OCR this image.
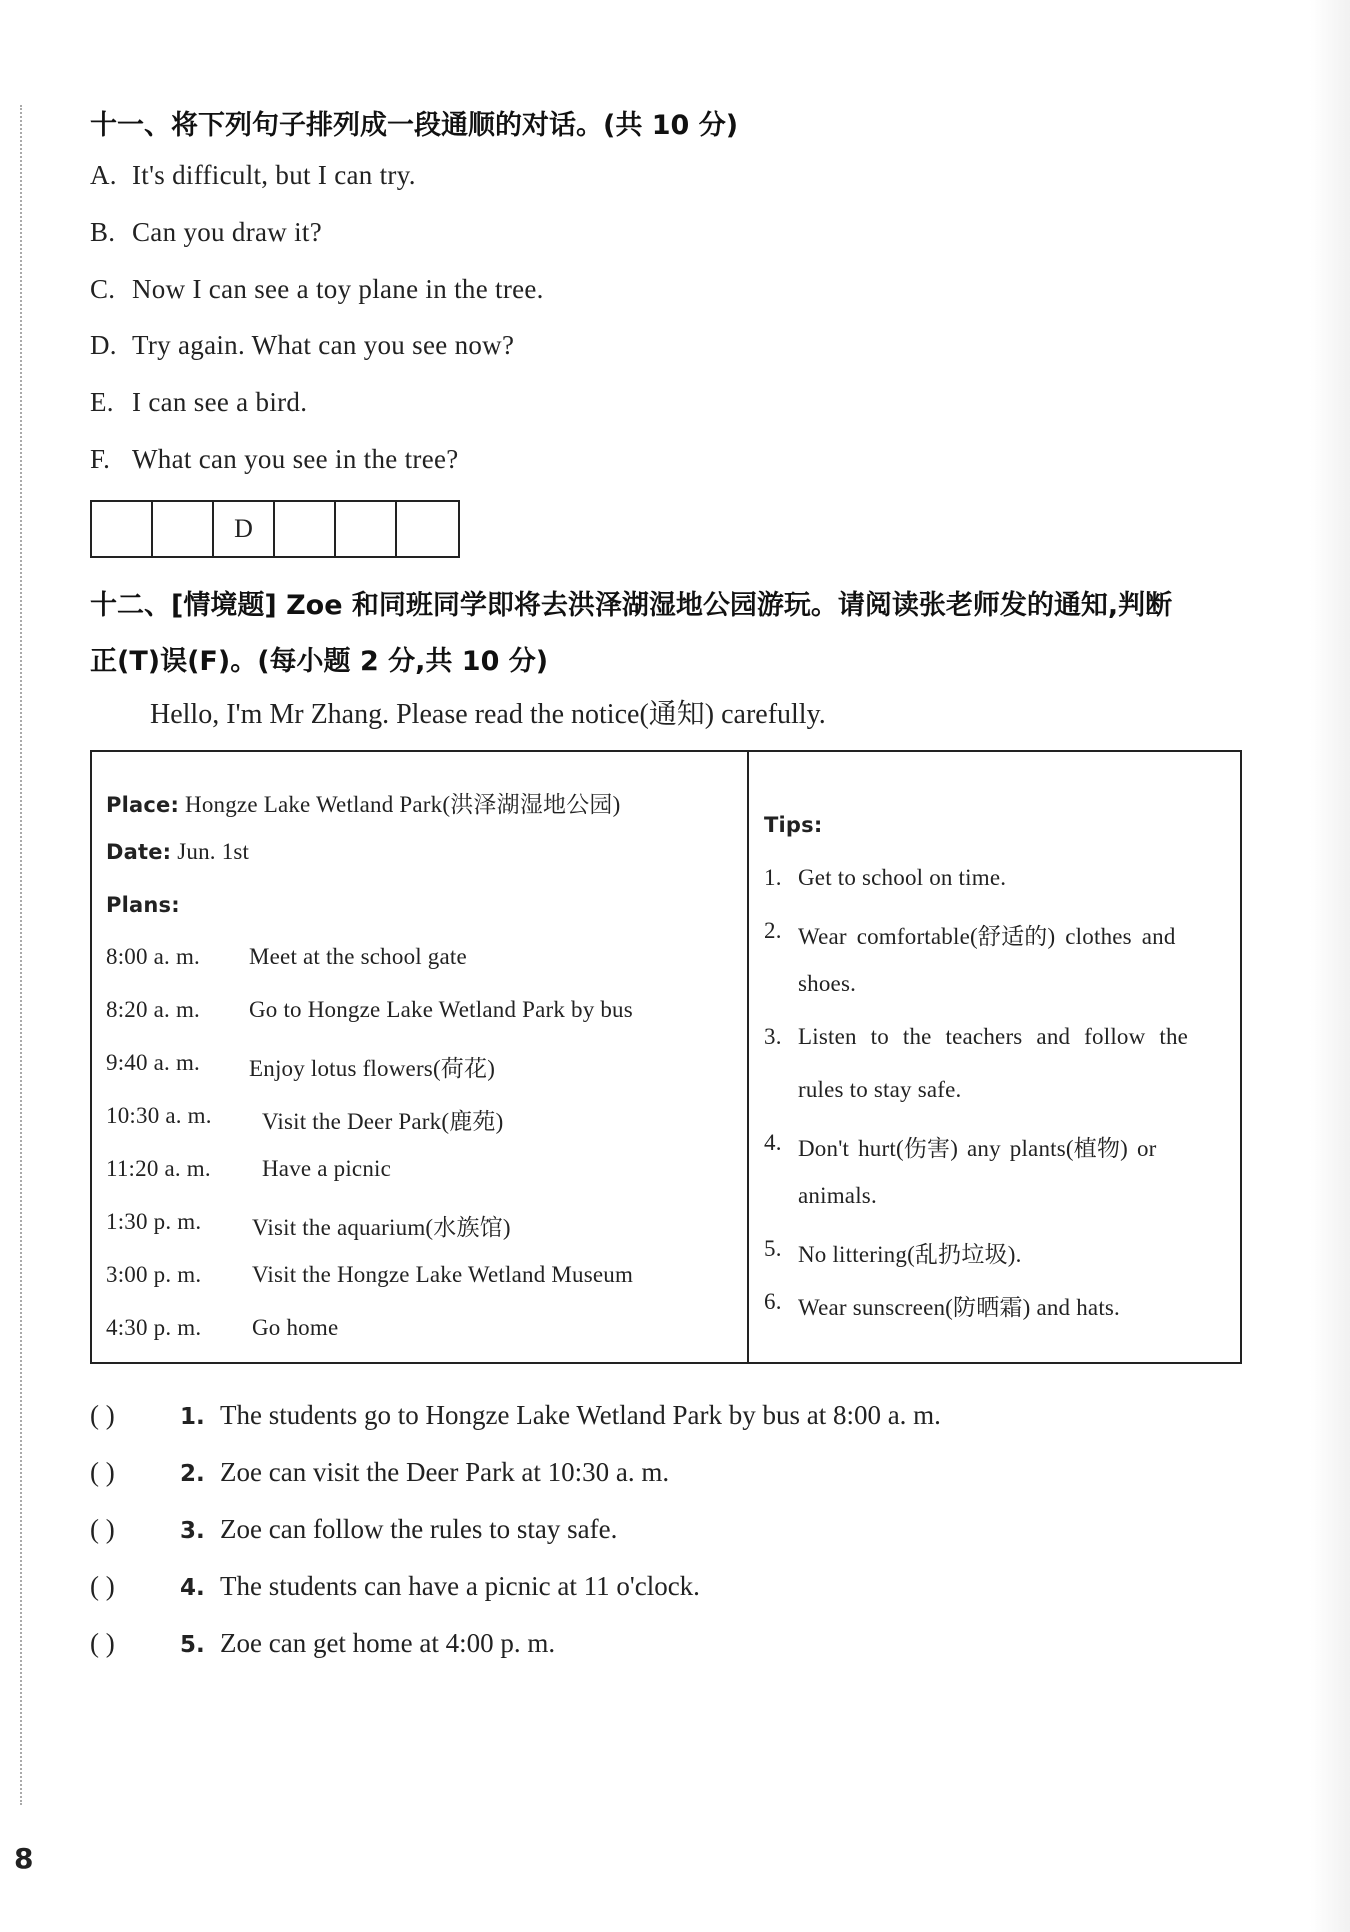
十一、将下列句子排列成一段通顺的对话。(共 10 分)
A. It's difficult, but I can try.
B. Can you draw it?
C. Now I can see a toy plane in the tree.
D. Try again. What can you see now?
E. I can see a bird.
F. What can you see in the tree?
D
十二、[情境题] Zoe 和同班同学即将去洪泽湖湿地公园游玩。请阅读张老师发的通知,判断
正(T)误(F)。(每小题 2 分,共 10 分)
Hello, I'm Mr Zhang. Please read the notice(通知) carefully.
Place: Hongze Lake Wetland Park(洪泽湖湿地公园)
Date: Jun. 1st
Plans:
8:00 a. m. Meet at the school gate
8:20 a. m. Go to Hongze Lake Wetland Park by bus
9:40 a. m. Enjoy lotus flowers(荷花)
10:30 a. m. Visit the Deer Park(鹿苑)
11:20 a. m. Have a picnic
1:30 p. m. Visit the aquarium(水族馆)
3:00 p. m. Visit the Hongze Lake Wetland Museum
4:30 p. m. Go home
Tips:
1. Get to school on time.
2. Wear comfortable(舒适的) clothes and
shoes.
3. Listen to the teachers and follow the
rules to stay safe.
4. Don't hurt(伤害) any plants(植物) or
animals.
5. No littering(乱扔垃圾).
6. Wear sunscreen(防晒霜) and hats.
( )	1. The students go to Hongze Lake Wetland Park by bus at 8:00 a. m.
( )	2. Zoe can visit the Deer Park at 10:30 a. m.
( )	3. Zoe can follow the rules to stay safe.
( )	4. The students can have a picnic at 11 o'clock.
( )	5. Zoe can get home at 4:00 p. m.
8
